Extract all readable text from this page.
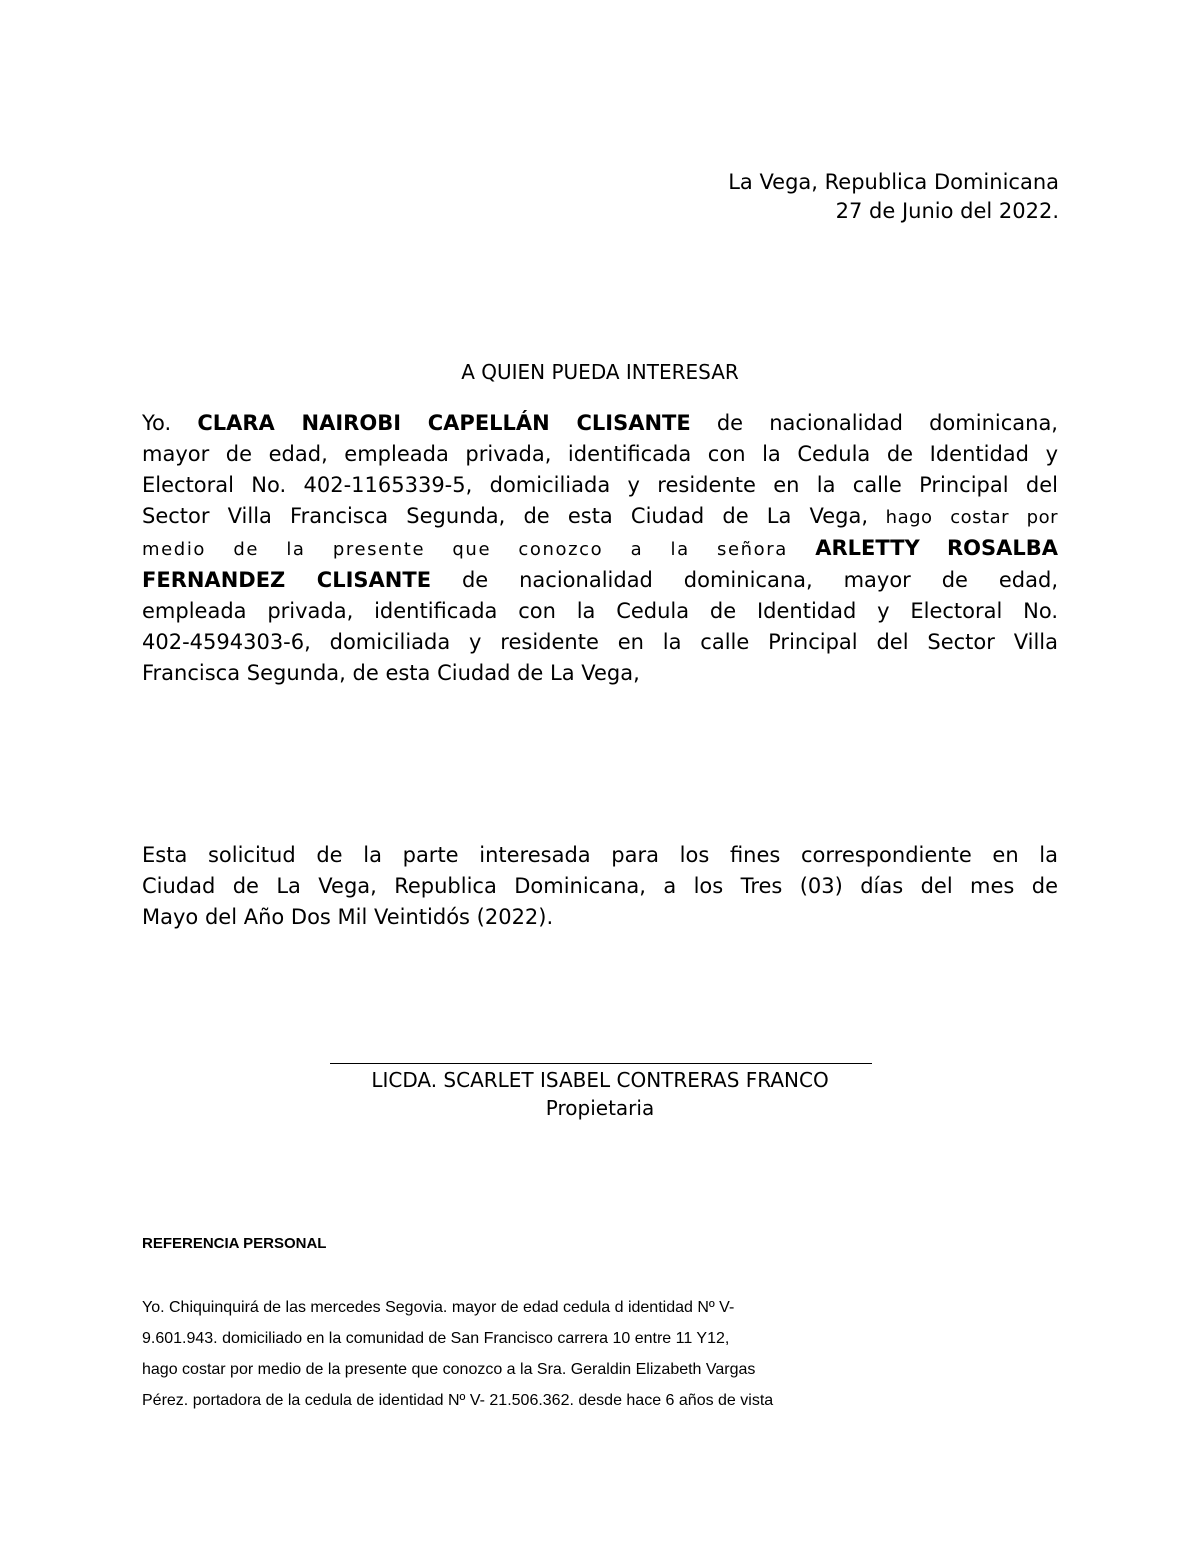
La Vega, Republica Dominicana
27 de Junio del 2022.
A QUIEN PUEDA INTERESAR
Yo. CLARA NAIROBI CAPELLÁN CLISANTE de nacionalidad dominicana,
mayor de edad, empleada privada, identificada con la Cedula de Identidad y
Electoral No. 402-1165339-5, domiciliada y residente en la calle Principal del
Sector Villa Francisca Segunda, de esta Ciudad de La Vega, hago costar por
medio de la presente que conozco a la señora ARLETTY ROSALBA
FERNANDEZ CLISANTE de nacionalidad dominicana, mayor de edad,
empleada privada, identificada con la Cedula de Identidad y Electoral No.
402-4594303-6, domiciliada y residente en la calle Principal del Sector Villa
Francisca Segunda, de esta Ciudad de La Vega,
Esta solicitud de la parte interesada para los fines correspondiente en la
Ciudad de La Vega, Republica Dominicana, a los Tres (03) días del mes de
Mayo del Año Dos Mil Veintidós (2022).
LICDA. SCARLET ISABEL CONTRERAS FRANCO
Propietaria
REFERENCIA PERSONAL
Yo. Chiquinquirá de las mercedes Segovia. mayor de edad cedula d identidad Nº V-
9.601.943. domiciliado en la comunidad de San Francisco carrera 10 entre 11 Y12,
hago costar por medio de la presente que conozco a la Sra. Geraldin Elizabeth Vargas
Pérez. portadora de la cedula de identidad Nº V- 21.506.362. desde hace 6 años de vista
